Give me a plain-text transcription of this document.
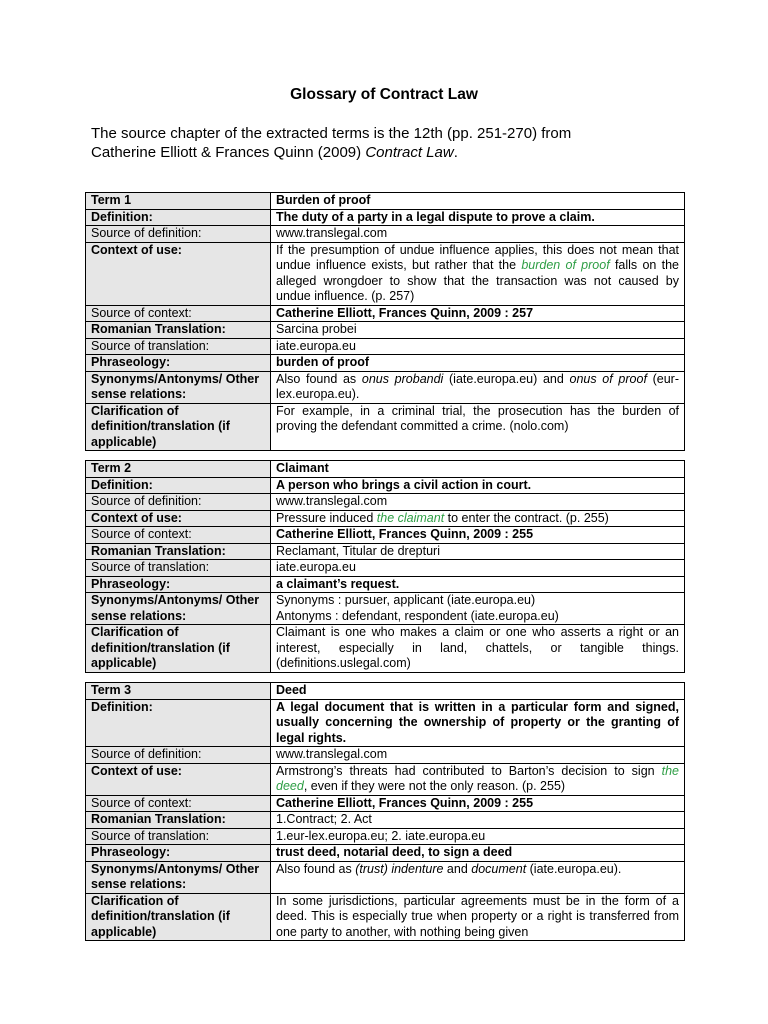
Glossary of Contract Law
The source chapter of the extracted terms is the 12th (pp. 251-270) from
Catherine Elliott & Frances Quinn (2009) Contract Law.
Term 1	Burden of proof
Definition:	The duty of a party in a legal dispute to prove a claim.
Source of definition:	www.translegal.com
Context of use:	If the presumption of undue influence applies, this does not mean that undue influence exists, but rather that the burden of proof falls on the alleged wrongdoer to show that the transaction was not caused by undue influence. (p. 257)
Source of context:	Catherine Elliott, Frances Quinn, 2009 : 257
Romanian Translation:	Sarcina probei
Source of translation:	iate.europa.eu
Phraseology:	burden of proof
Synonyms/Antonyms/ Other sense relations:	Also found as onus probandi (iate.europa.eu) and onus of proof (eur-lex.europa.eu).
Clarification of definition/translation (if applicable)	For example, in a criminal trial, the prosecution has the burden of proving the defendant committed a crime. (nolo.com)
Term 2	Claimant
Definition:	A person who brings a civil action in court.
Source of definition:	www.translegal.com
Context of use:	Pressure induced the claimant to enter the contract. (p. 255)
Source of context:	Catherine Elliott, Frances Quinn, 2009 : 255
Romanian Translation:	Reclamant, Titular de drepturi
Source of translation:	iate.europa.eu
Phraseology:	a claimant’s request.
Synonyms/Antonyms/ Other sense relations:	Synonyms : pursuer, applicant (iate.europa.eu)
Antonyms : defendant, respondent (iate.europa.eu)
Clarification of definition/translation (if applicable)	Claimant is one who makes a claim or one who asserts a right or an interest, especially in land, chattels, or tangible things. (definitions.uslegal.com)
Term 3	Deed
Definition:	A legal document that is written in a particular form and signed, usually concerning the ownership of property or the granting of legal rights.
Source of definition:	www.translegal.com
Context of use:	Armstrong’s threats had contributed to Barton’s decision to sign the deed, even if they were not the only reason. (p. 255)
Source of context:	Catherine Elliott, Frances Quinn, 2009 : 255
Romanian Translation:	1.Contract; 2. Act
Source of translation:	1.eur-lex.europa.eu; 2. iate.europa.eu
Phraseology:	trust deed, notarial deed, to sign a deed
Synonyms/Antonyms/ Other sense relations:	Also found as (trust) indenture and document (iate.europa.eu).
Clarification of definition/translation (if applicable)	In some jurisdictions, particular agreements must be in the form of a deed. This is especially true when property or a right is transferred from one party to another, with nothing being given
